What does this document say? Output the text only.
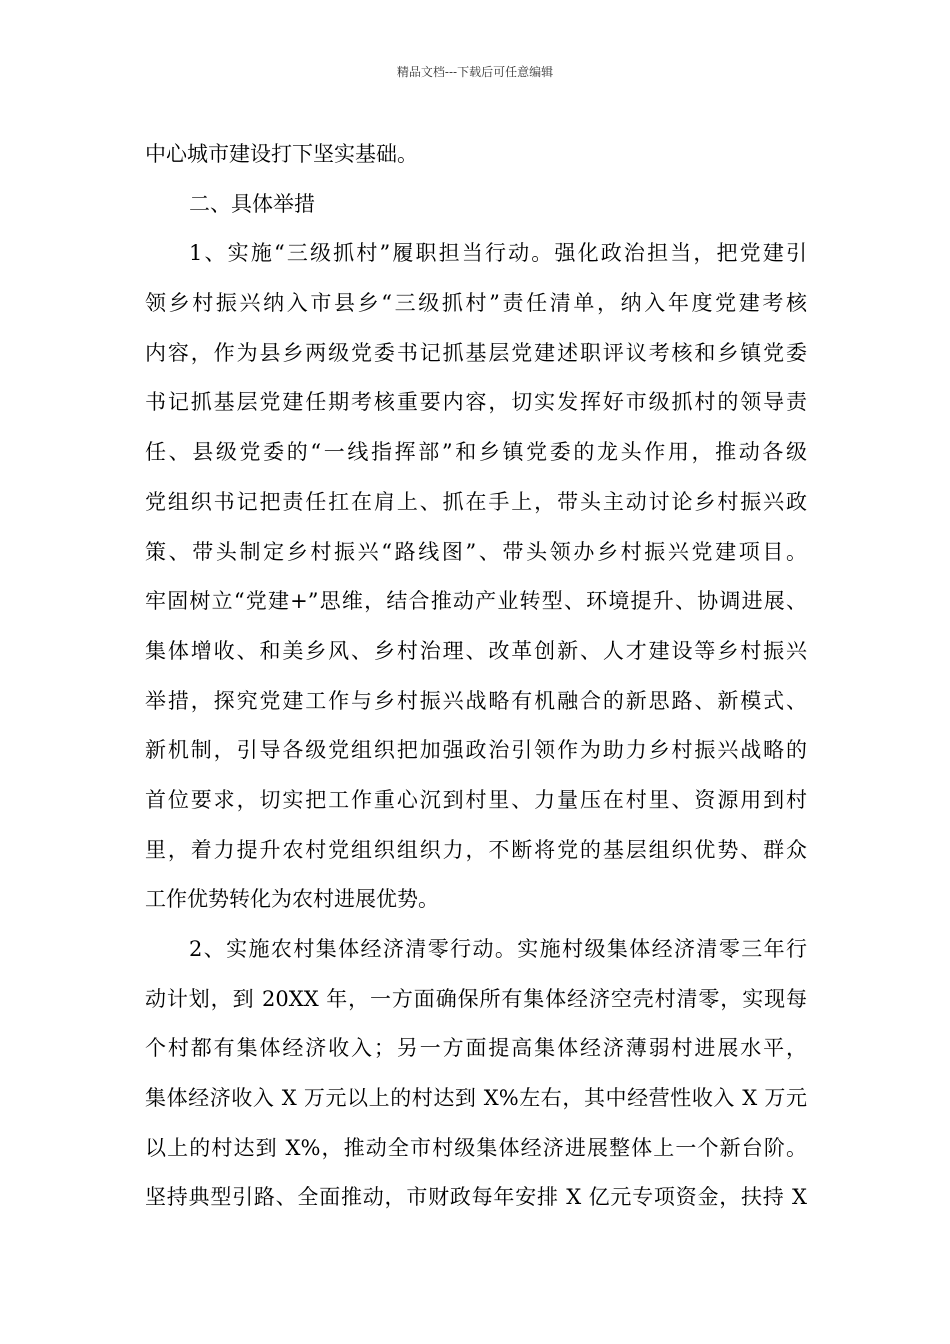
精品文档---下载后可任意编辑
中心城市建设打下坚实基础。
二、具体举措
1、实施“三级抓村”履职担当行动。强化政治担当，把党建引
领乡村振兴纳入市县乡“三级抓村”责任清单，纳入年度党建考核
内容，作为县乡两级党委书记抓基层党建述职评议考核和乡镇党委
书记抓基层党建任期考核重要内容，切实发挥好市级抓村的领导责
任、县级党委的“一线指挥部”和乡镇党委的龙头作用，推动各级
党组织书记把责任扛在肩上、抓在手上，带头主动讨论乡村振兴政
策、带头制定乡村振兴“路线图”、带头领办乡村振兴党建项目。
牢固树立“党建+”思维，结合推动产业转型、环境提升、协调进展、
集体增收、和美乡风、乡村治理、改革创新、人才建设等乡村振兴
举措，探究党建工作与乡村振兴战略有机融合的新思路、新模式、
新机制，引导各级党组织把加强政治引领作为助力乡村振兴战略的
首位要求，切实把工作重心沉到村里、力量压在村里、资源用到村
里，着力提升农村党组织组织力，不断将党的基层组织优势、群众
工作优势转化为农村进展优势。
2、实施农村集体经济清零行动。实施村级集体经济清零三年行
动计划，到 20XX 年，一方面确保所有集体经济空壳村清零，实现每
个村都有集体经济收入；另一方面提高集体经济薄弱村进展水平，
集体经济收入 X 万元以上的村达到 X%左右，其中经营性收入 X 万元
以上的村达到 X%，推动全市村级集体经济进展整体上一个新台阶。
坚持典型引路、全面推动，市财政每年安排 X 亿元专项资金，扶持 X
